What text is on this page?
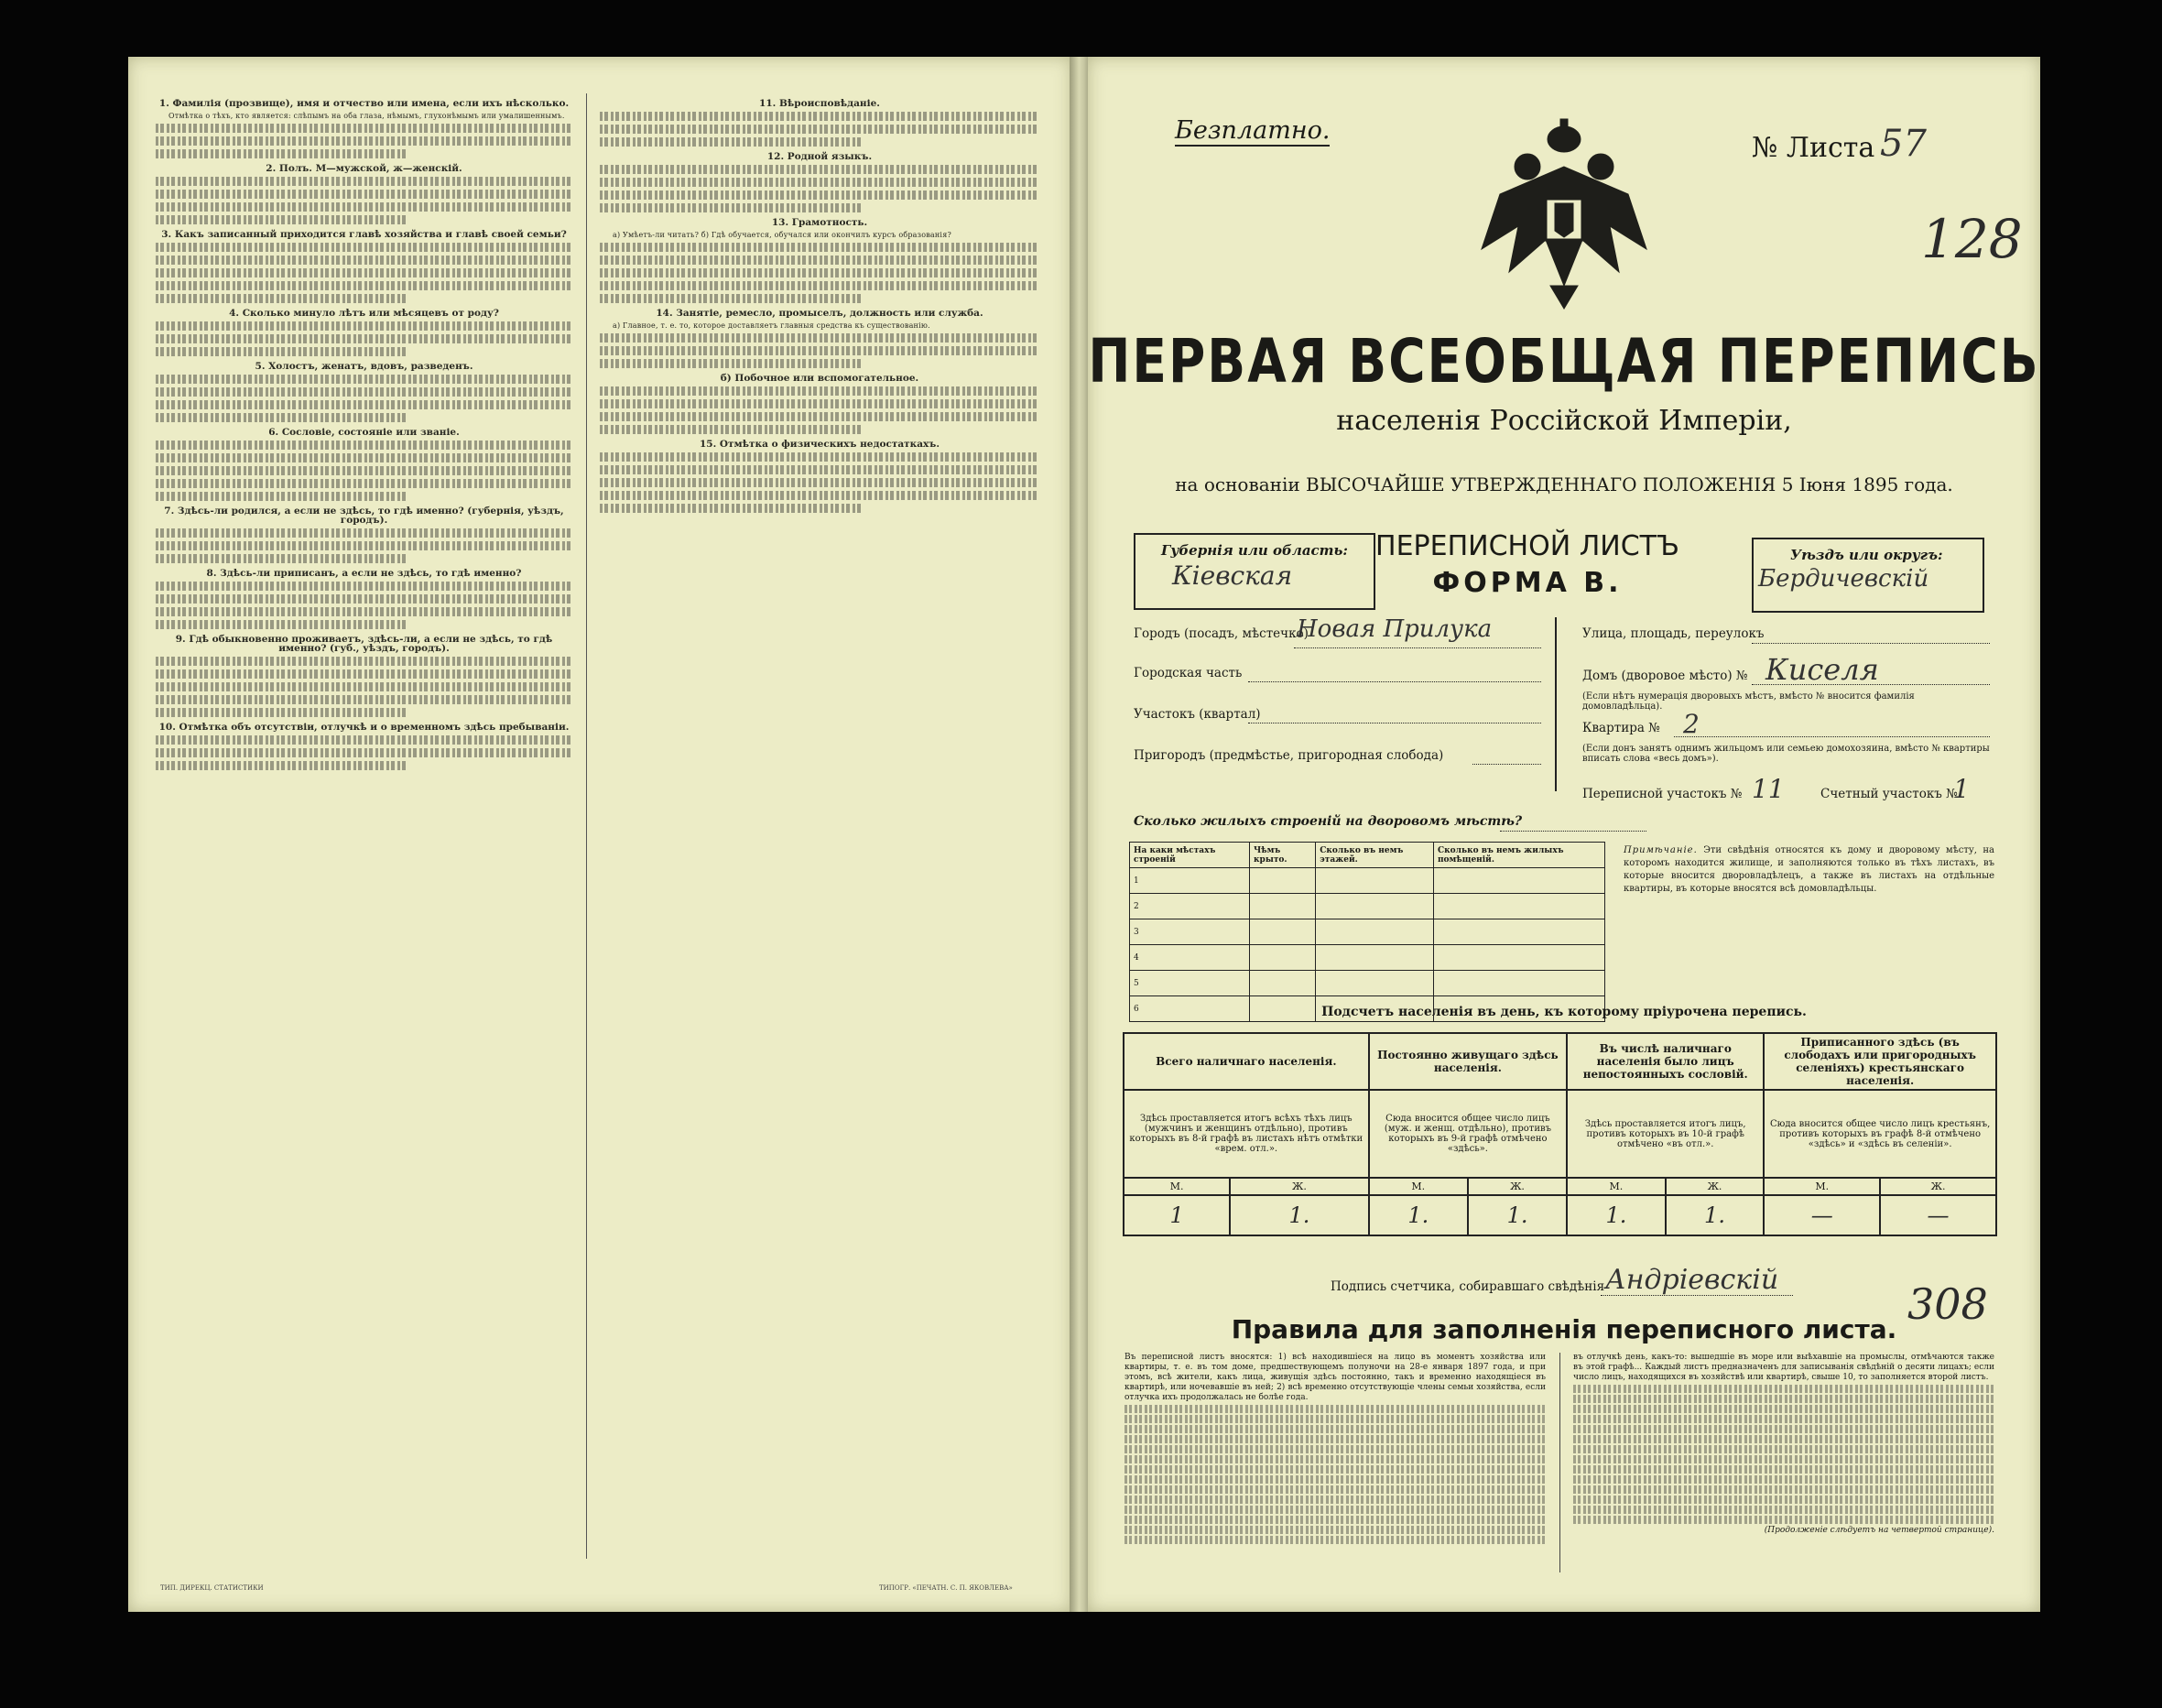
1. Фамилія (прозвище), имя и отчество или имена, если ихъ нѣсколько.
Отмѣтка о тѣхъ, кто является: слѣпымъ на оба глаза, нѣмымъ, глухонѣмымъ или умалишеннымъ.
2. Полъ. М—мужской, ж—женскій.
3. Какъ записанный приходится главѣ хозяйства и главѣ своей семьи?
4. Сколько минуло лѣтъ или мѣсяцевъ от роду?
5. Холостъ, женатъ, вдовъ, разведенъ.
6. Сословіе, состояніе или званіе.
7. Здѣсь-ли родился, а если не здѣсь, то гдѣ именно? (губернія, уѣздъ, городъ).
8. Здѣсь-ли приписанъ, а если не здѣсь, то гдѣ именно?
9. Гдѣ обыкновенно проживаетъ, здѣсь-ли, а если не здѣсь, то гдѣ именно? (губ., уѣздъ, городъ).
10. Отмѣтка объ отсутствіи, отлучкѣ и о временномъ здѣсь пребываніи.
11. Вѣроисповѣданіе.
12. Родной языкъ.
13. Грамотность.
а) Умѣетъ-ли читать? б) Гдѣ обучается, обучался или окончилъ курсъ образованія?
14. Занятіе, ремесло, промыселъ, должность или служба.
а) Главное, т. е. то, которое доставляетъ главныя средства къ существованію.
б) Побочное или вспомогательное.
15. Отмѣтка о физическихъ недостаткахъ.
ТИП. ДИРЕКЦ. СТАТИСТИКИ	ТИПОГР. «ПЕЧАТН. С. П. ЯКОВЛЕВА»
Безплатно.
№ Листа 57
128
ПЕРВАЯ ВСЕОБЩАЯ ПЕРЕПИСЬ
населенія Россійской Имперіи,
на основаніи ВЫСОЧАЙШЕ УТВЕРЖДЕННАГО ПОЛОЖЕНІЯ 5 Іюня 1895 года.
Губернія или область:
Кіевская
ПЕРЕПИСНОЙ ЛИСТЪ
ФОРМА В.
Уѣздъ или округъ:
Бердичевскій
Городъ (посадъ, мѣстечко)
Новая Прилука
Городская часть
Участокъ (квартал)
Пригородъ (предмѣстье, пригородная слобода)
Улица, площадь, переулокъ
Домъ (дворовое мѣсто) № Киселя
(Если нѣтъ нумерація дворовыхъ мѣстъ, вмѣсто № вносится фамилія домовладѣльца).
Квартира № 2
(Если донъ занятъ однимъ жильцомъ или семьею домохозяина, вмѣсто № квартиры вписать слова «весь домъ»).
Переписной участокъ № 11	Счетный участокъ №
1
Сколько жилыхъ строеній на дворовомъ мѣстѣ?
На каки мѣстахъ строеній	Чѣмъ крыто.	Сколько въ немъ этажей.	Сколько въ немъ жилыхъ помѣщеній.
1			
2			
3			
4			
5			
6			
Примѣчаніе. Эти свѣдѣнія относятся къ дому и дворовому мѣсту, на которомъ находится жилище, и заполняются только въ тѣхъ листахъ, въ которые вносится дворовладѣлецъ, а также въ листахъ на отдѣльные квартиры, въ которые вносятся всѣ домовладѣльцы.
Подсчетъ населенія въ день, къ которому пріурочена перепись.
Всего наличнаго населенія.		Постоянно живущаго здѣсь населенія.		Въ числѣ наличнаго населенія было лицъ непостоянныхъ сословій.		Приписанного здѣсь (въ слободахъ или пригородныхъ селеніяхъ) крестьянскаго населенія.	
Здѣсь проставляется итогъ всѣхъ тѣхъ лицъ (мужчинъ и женщинъ отдѣльно), противъ которыхъ въ 8-й графѣ въ листахъ нѣтъ отмѣтки «врем. отл.».		Сюда вносится общее число лицъ (муж. и женщ. отдѣльно), противъ которыхъ въ 9-й графѣ отмѣчено «здѣсь».		Здѣсь проставляется итогъ лицъ, противъ которыхъ въ 10-й графѣ отмѣчено «въ отл.».		Сюда вносится общее число лицъ крестьянъ, противъ которыхъ въ графѣ 8-й отмѣчено «здѣсь» и «здѣсь въ селеніи».	
М.	Ж.	М.	Ж.	М.	Ж.	М.	Ж.
1	1.	1.	1.	1.	1.	—	—
Подпись счетчика, собиравшаго свѣдѣнія Андріевскій	308
Правила для заполненія переписного листа.
Въ переписной листъ вносятся: 1) всѣ находившіеся на лицо въ моментъ хозяйства или квартиры, т. е. въ том доме, предшествующемъ полуночи на 28-е января 1897 года, и при этомъ, всѣ жители, какъ лица, живущія здѣсь постоянно, такъ и временно находящіеся въ квартирѣ, или ночевавшіе въ ней; 2) всѣ временно отсутствующіе члены семьи хозяйства, если отлучка ихъ продолжалась не болѣе года.
въ отлучкѣ день, какъ-то: вышедшіе въ море или выѣхавшіе на промыслы, отмѣчаются также въ этой графѣ... Каждый листъ предназначенъ для записыванія свѣдѣній о десяти лицахъ; если число лицъ, находящихся въ хозяйствѣ или квартирѣ, свыше 10, то заполняется второй листъ.
(Продолженіе слѣдуетъ на четвертой странице).
